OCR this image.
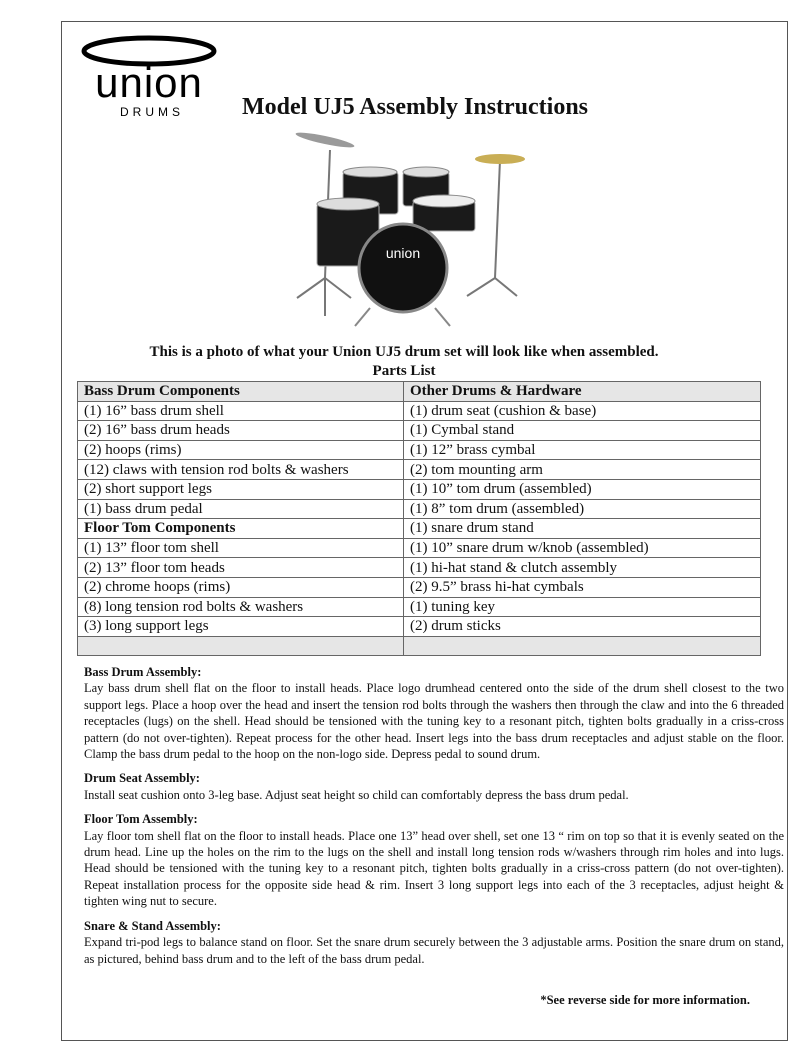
union
DRUMS Model UJ5 Assembly Instructions
union
This is a photo of what your Union UJ5 drum set will look like when assembled.
Parts List
Bass Drum Components	Other Drums & Hardware
(1) 16” bass drum shell	(1) drum seat (cushion & base)
(2) 16” bass drum heads	(1) Cymbal stand
(2) hoops (rims)	(1) 12” brass cymbal
(12) claws with tension rod bolts & washers	(2) tom mounting arm
(2) short support legs	(1) 10” tom drum (assembled)
(1) bass drum pedal	(1) 8” tom drum (assembled)
Floor Tom Components	(1) snare drum stand
(1) 13” floor tom shell	(1) 10” snare drum w/knob (assembled)
(2) 13” floor tom heads	(1) hi-hat stand & clutch assembly
(2) chrome hoops (rims)	(2) 9.5” brass hi-hat cymbals
(8) long tension rod bolts & washers	(1) tuning key
(3) long support legs	(2) drum sticks

Bass Drum Assembly:
Lay bass drum shell flat on the floor to install heads. Place logo drumhead centered onto the side of the drum shell closest to the two support legs. Place a hoop over the head and insert the tension rod bolts through the washers then through the claw and into the 6 threaded receptacles (lugs) on the shell. Head should be tensioned with the tuning key to a resonant pitch, tighten bolts gradually in a criss-cross pattern (do not over-tighten). Repeat process for the other head. Insert legs into the bass drum receptacles and adjust stable on the floor. Clamp the bass drum pedal to the hoop on the non-logo side. Depress pedal to sound drum.
Drum Seat Assembly:
Install seat cushion onto 3-leg base. Adjust seat height so child can comfortably depress the bass drum pedal.
Floor Tom Assembly:
Lay floor tom shell flat on the floor to install heads. Place one 13” head over shell, set one 13 “ rim on top so that it is evenly seated on the drum head. Line up the holes on the rim to the lugs on the shell and install long tension rods w/washers through rim holes and into lugs. Head should be tensioned with the tuning key to a resonant pitch, tighten bolts gradually in a criss-cross pattern (do not over-tighten). Repeat installation process for the opposite side head & rim. Insert 3 long support legs into each of the 3 receptacles, adjust height & tighten wing nut to secure.
Snare & Stand Assembly:
Expand tri-pod legs to balance stand on floor. Set the snare drum securely between the 3 adjustable arms. Position the snare drum on stand, as pictured, behind bass drum and to the left of the bass drum pedal.
*See reverse side for more information.
